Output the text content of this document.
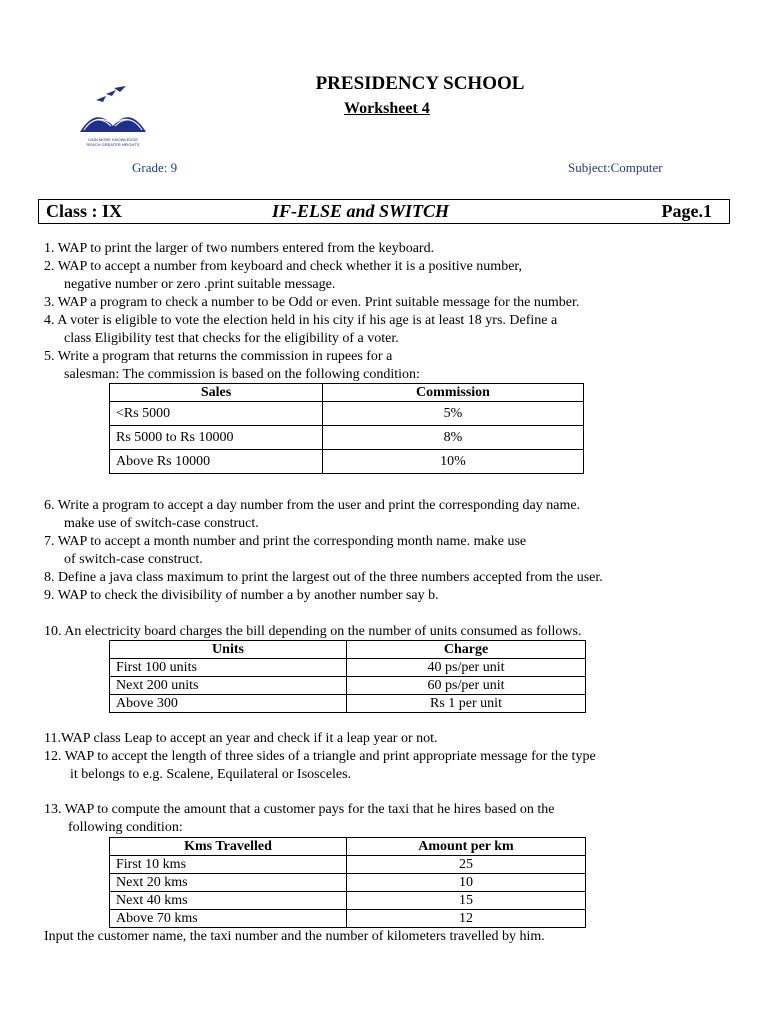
PRESIDENCY SCHOOL
Worksheet 4
GAIN MORE KNOWLEDGE
REACH GREATER HEIGHTS
Grade: 9	Subject:Computer
Class : IX	IF-ELSE and SWITCH	Page.1
1. WAP to print the larger of two numbers entered from the keyboard.
2. WAP to accept a number from keyboard and check whether it is a positive number,
negative number or zero .print suitable message.
3. WAP a program to check a number to be Odd or even. Print suitable message for the number.
4. A voter is eligible to vote the election held in his city if his age is at least 18 yrs. Define a
class Eligibility test that checks for the eligibility of a voter.
5. Write a program that returns the commission in rupees for a
salesman: The commission is based on the following condition:
Sales	Commission
<Rs 5000	5%
Rs 5000 to Rs 10000	8%
Above Rs 10000	10%
6. Write a program to accept a day number from the user and print the corresponding day name.
make use of switch-case construct.
7. WAP to accept a month number and print the corresponding month name. make use
of switch-case construct.
8. Define a java class maximum to print the largest out of the three numbers accepted from the user.
9. WAP to check the divisibility of number a by another number say b.
10. An electricity board charges the bill depending on the number of units consumed as follows.
Units	Charge
First 100 units	40 ps/per unit
Next 200 units	60 ps/per unit
Above 300	Rs 1 per unit
11.WAP class Leap to accept an year and check if it a leap year or not.
12. WAP to accept the length of three sides of a triangle and print appropriate message for the type
it belongs to e.g. Scalene, Equilateral or Isosceles.
13. WAP to compute the amount that a customer pays for the taxi that he hires based on the
following condition:
Kms Travelled	Amount per km
First 10 kms	25
Next 20 kms	10
Next 40 kms	15
Above 70 kms	12
Input the customer name, the taxi number and the number of kilometers travelled by him.
